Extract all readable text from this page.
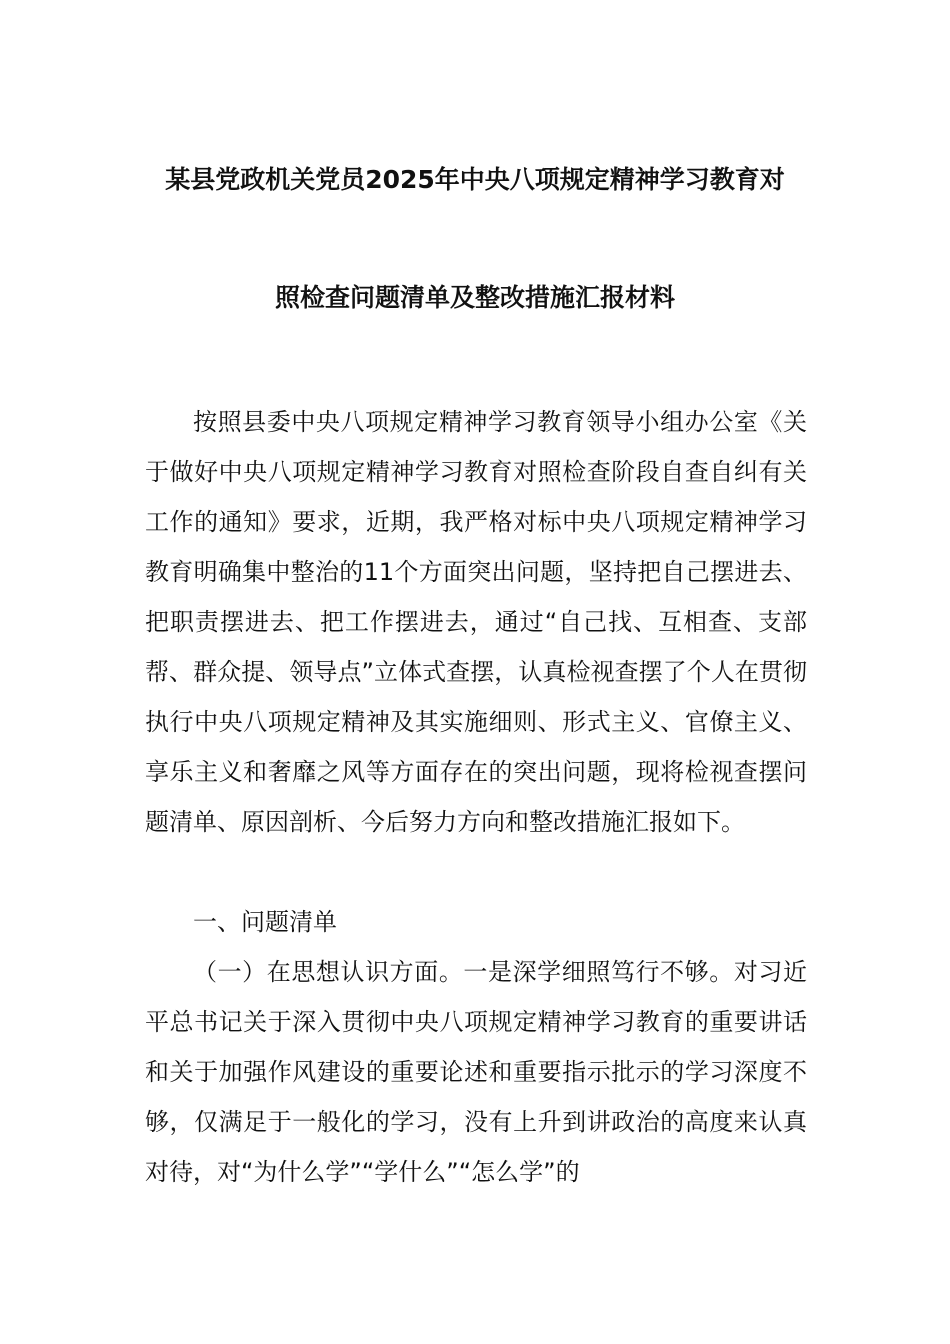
某县党政机关党员2025年中央八项规定精神学习教育对
照检查问题清单及整改措施汇报材料

按照县委中央八项规定精神学习教育领导小组办公室《关于做好中央八项规定精神学习教育对照检查阶段自查自纠有关工作的通知》要求，近期，我严格对标中央八项规定精神学习教育明确集中整治的11个方面突出问题，坚持把自己摆进去、把职责摆进去、把工作摆进去，通过“自己找、互相查、支部帮、群众提、领导点”立体式查摆，认真检视查摆了个人在贯彻执行中央八项规定精神及其实施细则、形式主义、官僚主义、享乐主义和奢靡之风等方面存在的突出问题，现将检视查摆问题清单、原因剖析、今后努力方向和整改措施汇报如下。

一、问题清单

（一）在思想认识方面。一是深学细照笃行不够。对习近平总书记关于深入贯彻中央八项规定精神学习教育的重要讲话和关于加强作风建设的重要论述和重要指示批示的学习深度不够，仅满足于一般化的学习，没有上升到讲政治的高度来认真对待，对“为什么学”“学什么”“怎么学”的
